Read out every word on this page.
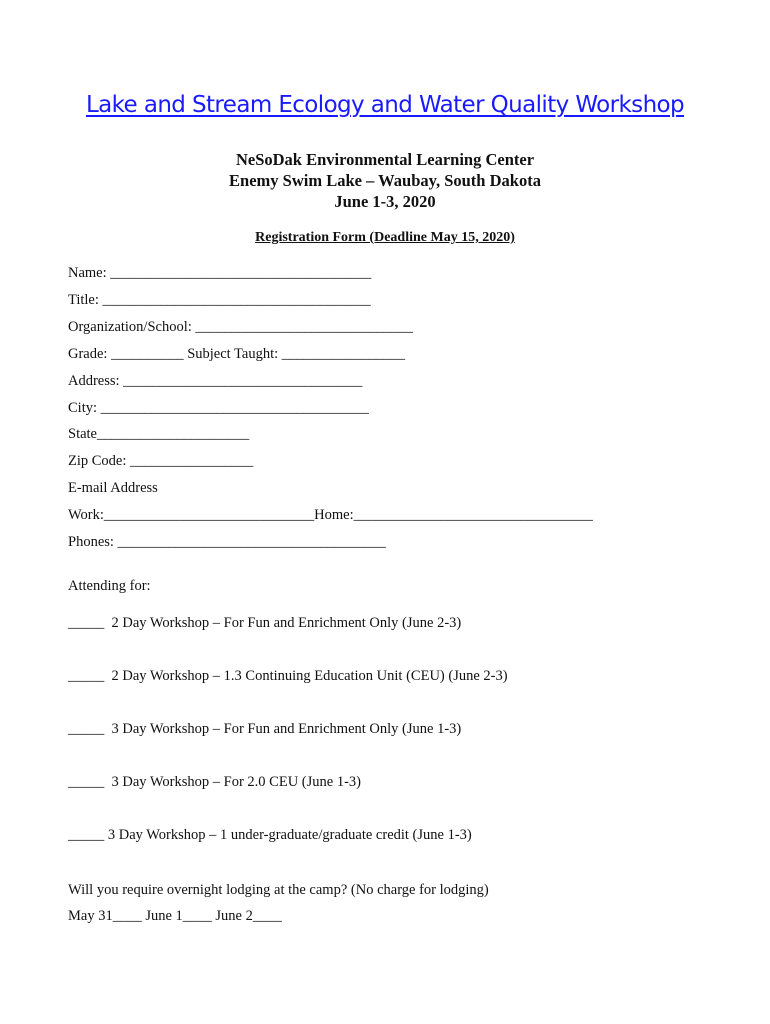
Lake and Stream Ecology and Water Quality Workshop
NeSoDak Environmental Learning Center
Enemy Swim Lake – Waubay, South Dakota
June 1-3, 2020
Registration Form (Deadline May 15, 2020)
Name: ____________________________________
Title: _____________________________________
Organization/School: ______________________________
Grade: __________ Subject Taught: _________________
Address: _________________________________
City: _____________________________________
State_____________________
Zip Code: _________________
E-mail Address
Work:_____________________________Home:_________________________________
Phones: _____________________________________
Attending for:
_____  2 Day Workshop – For Fun and Enrichment Only (June 2-3)
_____  2 Day Workshop – 1.3 Continuing Education Unit (CEU) (June 2-3)
_____  3 Day Workshop – For Fun and Enrichment Only (June 1-3)
_____  3 Day Workshop – For 2.0 CEU (June 1-3)
_____ 3 Day Workshop – 1 under-graduate/graduate credit (June 1-3)
Will you require overnight lodging at the camp? (No charge for lodging)
May 31____ June 1____ June 2____
